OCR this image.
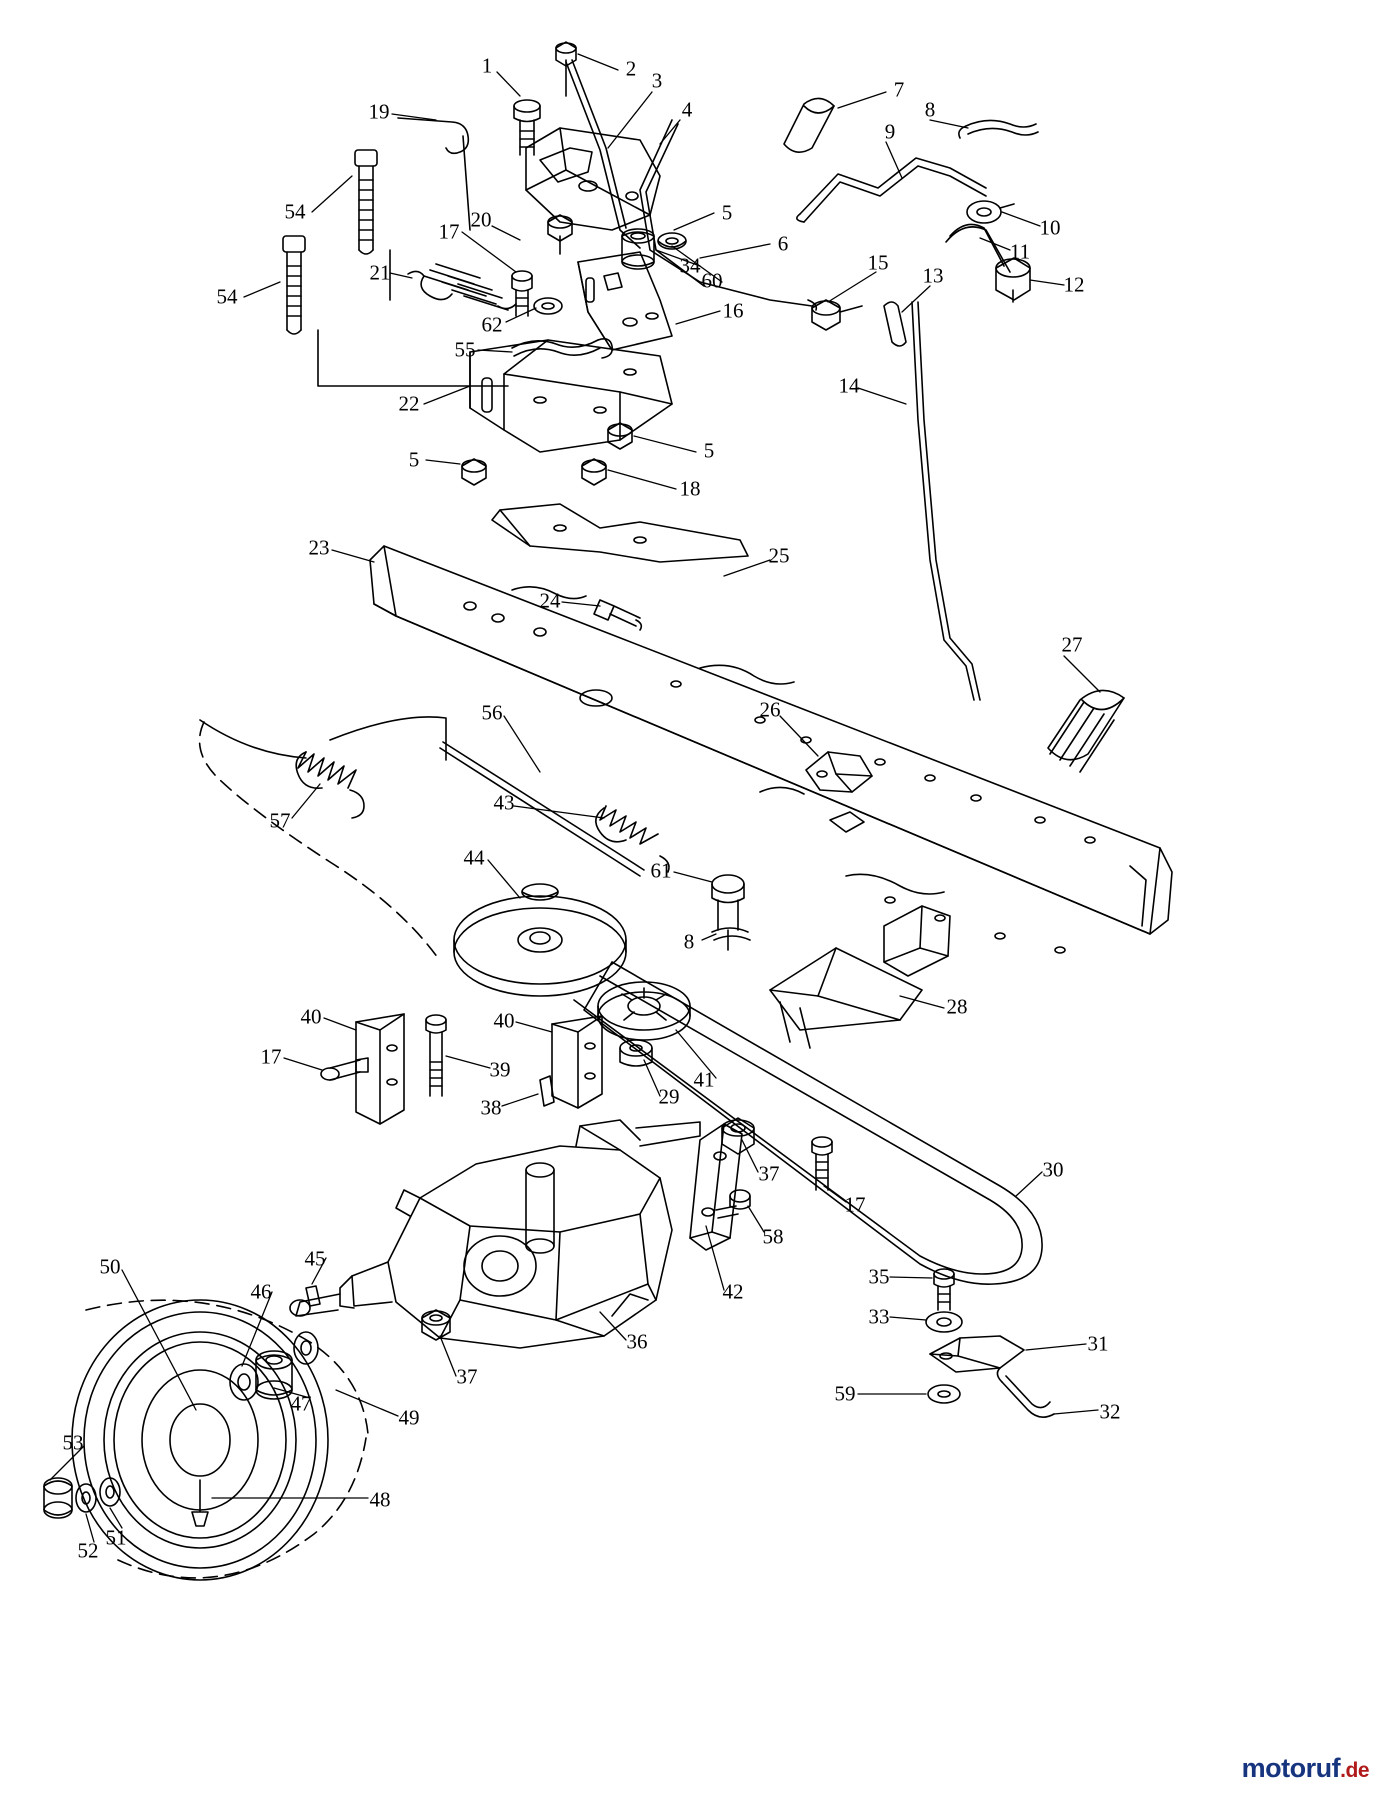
1	2 3
4
7
8
19
9
54	20	5
10
17	6	11
21	34	15
13	12
60
54
62
16
55
14
22
5
5
18
23	25
24
27
56	26
57
43
44
61
8
40	40
28
17
39	41
38	29
37
17
30
58
45
50	35
33
42
46
36	31
37
47
49
59
32
53
48
51
52
motoruf.de
